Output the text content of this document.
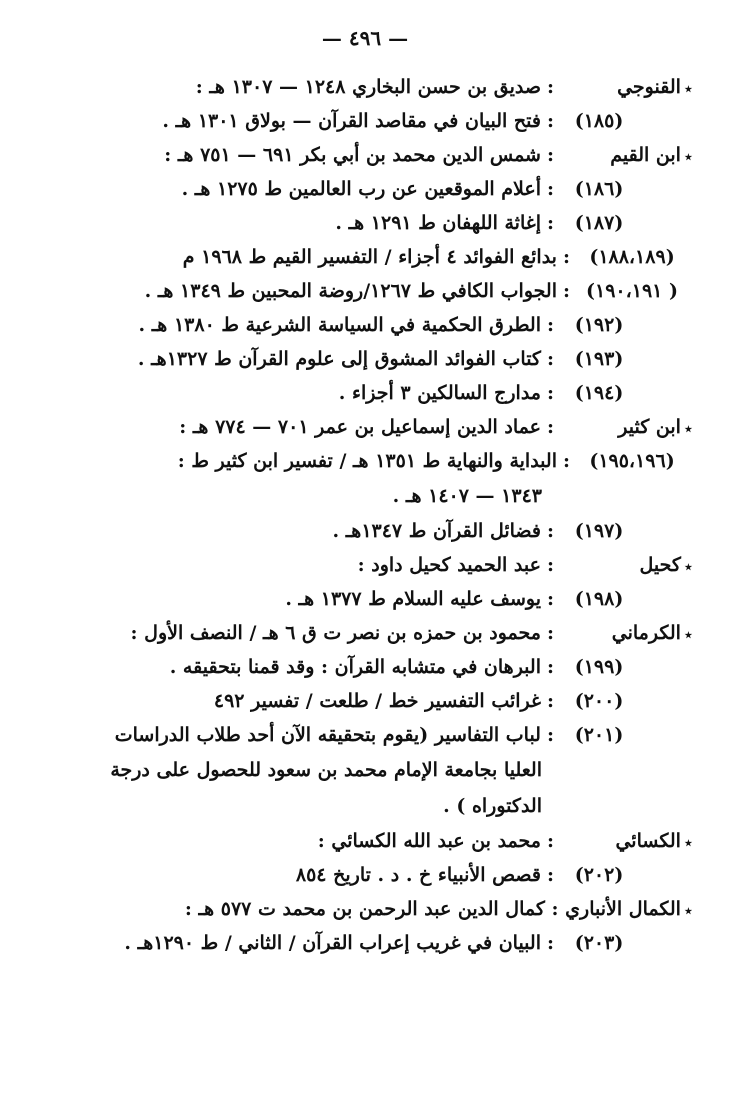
— ٤٩٦ —
٭القنوجي
:صديق بن حسن البخاري ١٢٤٨ — ١٣٠٧ هـ :
(١٨٥)
:فتح البيان في مقاصد القرآن — بولاق ١٣٠١ هـ .
٭ابن القيم
:شمس الدين محمد بن أبي بكر ٦٩١ — ٧٥١ هـ :
(١٨٦)
:أعلام الموقعين عن رب العالمين ط ١٢٧٥ هـ .
(١٨٧)
:إغاثة اللهفان ط ١٢٩١ هـ .
(١٨٨،١٨٩)
:بدائع الفوائد ٤ أجزاء / التفسير القيم ط ١٩٦٨ م
( ١٩٠،١٩١)
:الجواب الكافي ط ١٢٦٧/روضة المحبين ط ١٣٤٩ هـ .
(١٩٢)
:الطرق الحكمية في السياسة الشرعية ط ١٣٨٠ هـ .
(١٩٣)
:كتاب الفوائد المشوق إلى علوم القرآن ط ١٣٢٧هـ .
(١٩٤)
:مدارج السالكين ٣ أجزاء .
٭ابن كثير
:عماد الدين إسماعيل بن عمر ٧٠١ — ٧٧٤ هـ :
(١٩٥،١٩٦)
:البداية والنهاية ط ١٣٥١ هـ / تفسير ابن كثير ط :
١٣٤٣ — ١٤٠٧ هـ .
(١٩٧)
:فضائل القرآن ط ١٣٤٧هـ .
٭كحيل
:عبد الحميد كحيل داود :
(١٩٨)
:يوسف عليه السلام ط ١٣٧٧ هـ .
٭الكرماني
:محمود بن حمزه بن نصر ت ق ٦ هـ / النصف الأول :
(١٩٩)
:البرهان في متشابه القرآن : وقد قمنا بتحقيقه .
(٢٠٠)
:غرائب التفسير خط / طلعت / تفسير ٤٩٢
(٢٠١)
:لباب التفاسير (يقوم بتحقيقه الآن أحد طلاب الدراسات
العليا بجامعة الإمام محمد بن سعود للحصول على درجة
الدكتوراه ) .
٭الكسائي
:محمد بن عبد الله الكسائي :
(٢٠٢)
:قصص الأنبياء خ . د . تاريخ ٨٥٤
٭الكمال الأنباري : كمال الدين عبد الرحمن بن محمد ت ٥٧٧ هـ :
(٢٠٣)
:البيان في غريب إعراب القرآن / الثاني / ط ١٢٩٠هـ .
